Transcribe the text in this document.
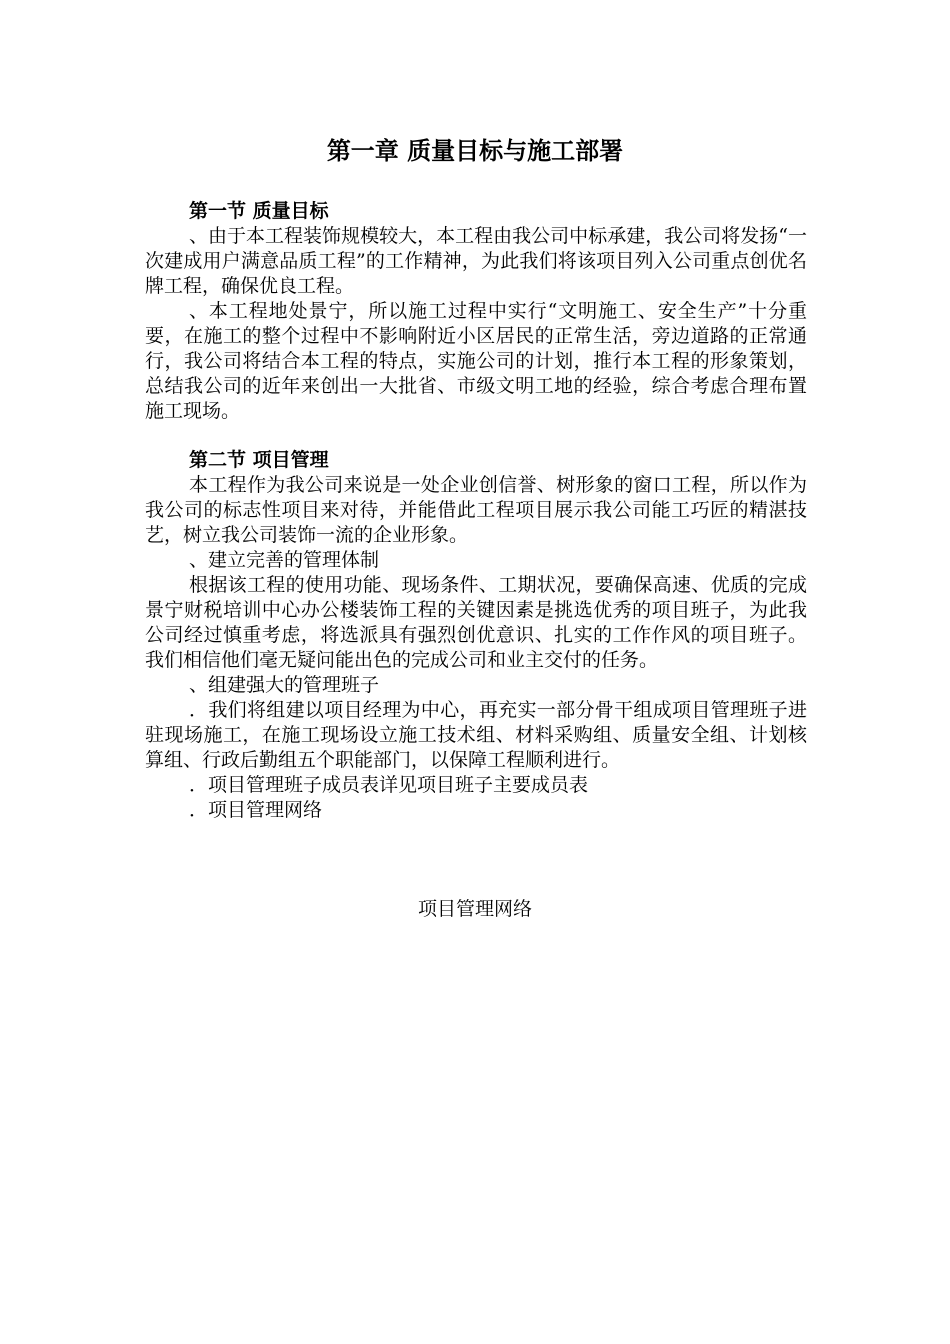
第一章 质量目标与施工部署
第一节 质量目标

、由于本工程装饰规模较大，本工程由我公司中标承建，我公司将发扬“一次建成用户满意品质工程”的工作精神，为此我们将该项目列入公司重点创优名牌工程，确保优良工程。

、本工程地处景宁，所以施工过程中实行“文明施工、安全生产”十分重要，在施工的整个过程中不影响附近小区居民的正常生活，旁边道路的正常通行，我公司将结合本工程的特点，实施公司的计划，推行本工程的形象策划，总结我公司的近年来创出一大批省、市级文明工地的经验，综合考虑合理布置施工现场。

第二节 项目管理

本工程作为我公司来说是一处企业创信誉、树形象的窗口工程，所以作为我公司的标志性项目来对待，并能借此工程项目展示我公司能工巧匠的精湛技艺，树立我公司装饰一流的企业形象。

、建立完善的管理体制

根据该工程的使用功能、现场条件、工期状况，要确保高速、优质的完成景宁财税培训中心办公楼装饰工程的关键因素是挑选优秀的项目班子，为此我公司经过慎重考虑，将选派具有强烈创优意识、扎实的工作作风的项目班子。我们相信他们毫无疑问能出色的完成公司和业主交付的任务。

、组建强大的管理班子

．我们将组建以项目经理为中心，再充实一部分骨干组成项目管理班子进驻现场施工，在施工现场设立施工技术组、材料采购组、质量安全组、计划核算组、行政后勤组五个职能部门，以保障工程顺利进行。

．项目管理班子成员表详见项目班子主要成员表

．项目管理网络

项目管理网络
